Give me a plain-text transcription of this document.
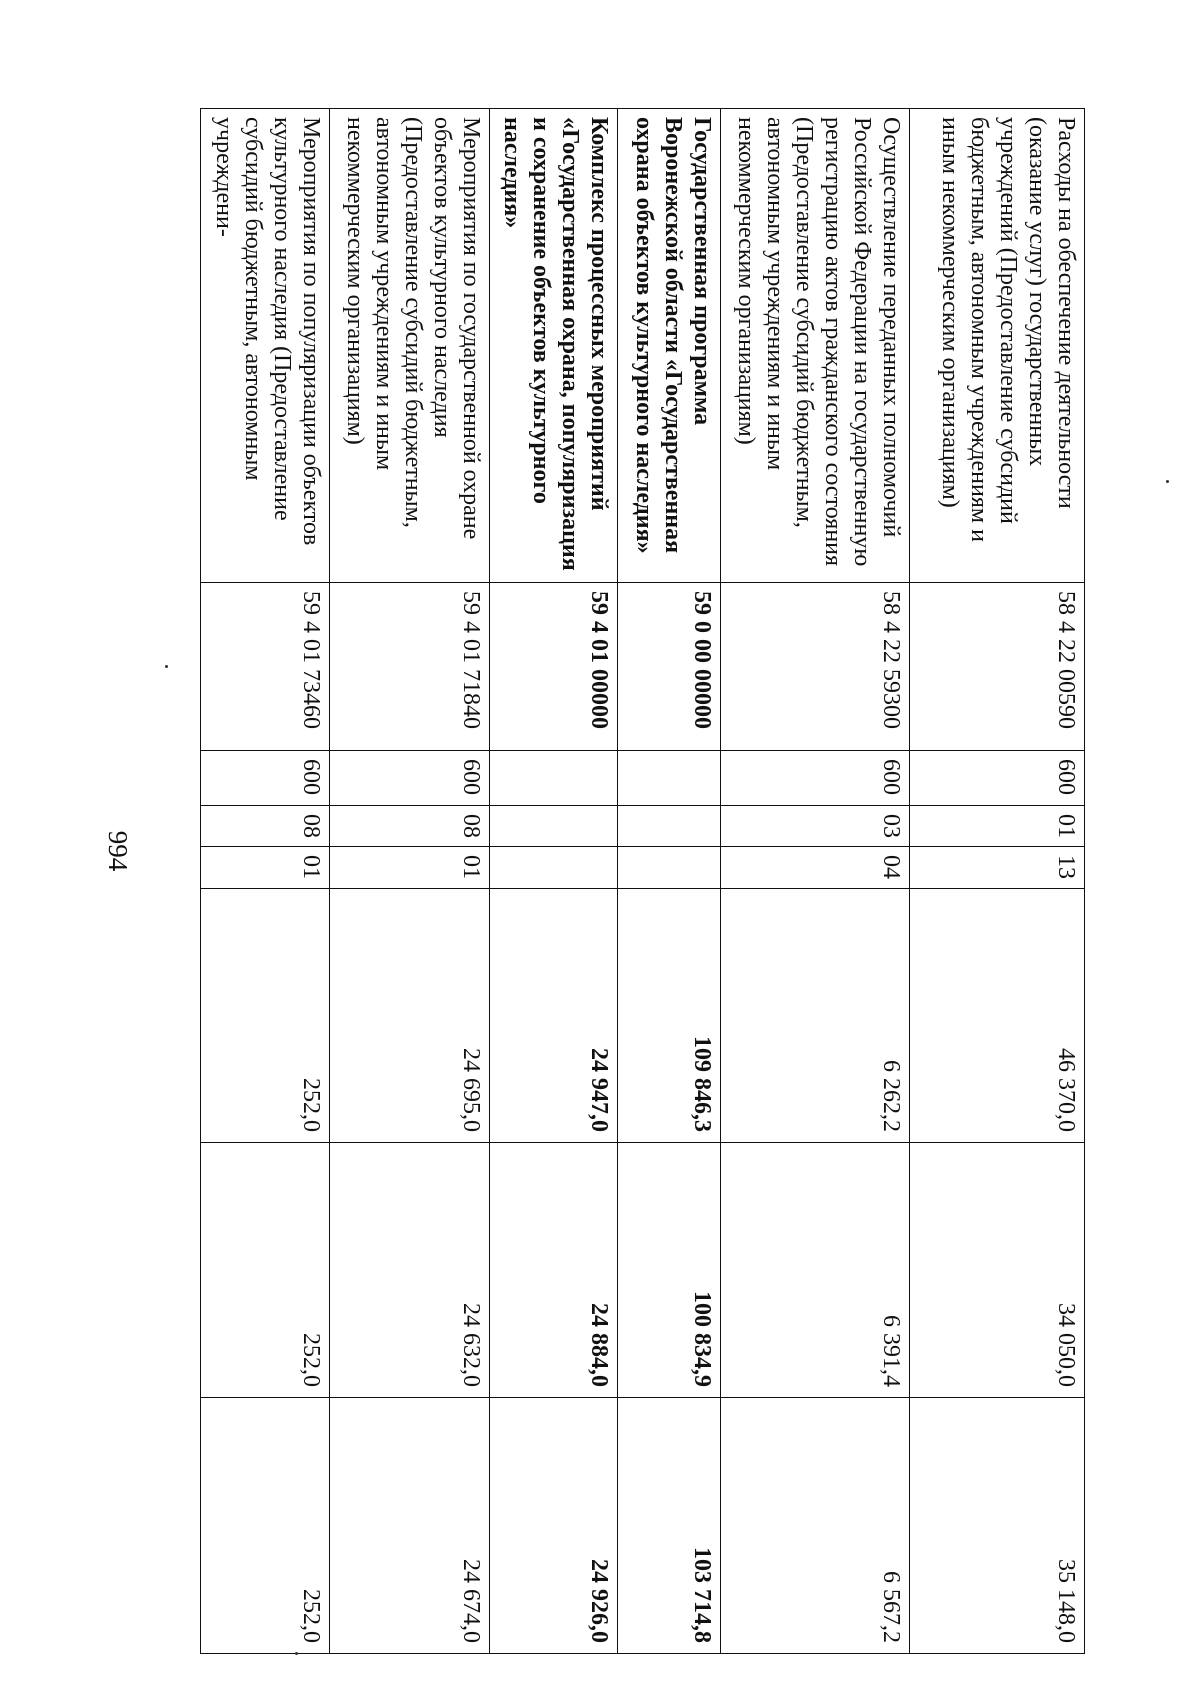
994
Расходы на обеспечение деятельности (оказание услуг) государственных учреждений (Предоставление субсидий бюджетным, автономным учреждениям и иным некоммерческим организациям)	58 4 22 00590	600	01	13	46 370,0	34 050,0	35 148,0
Осуществление переданных полномочий Российской Федерации на государственную регистрацию актов гражданского состояния (Предоставление субсидий бюджетным, автономным учреждениям и иным некоммерческим организациям)	58 4 22 59300	600	03	04	6 262,2	6 391,4	6 567,2
Государственная программа Воронежской области «Государственная охрана объектов культурного наследия»	59 0 00 00000				109 846,3	100 834,9	103 714,8
Комплекс процессных мероприятий «Государственная охрана, популяризация и сохранение объектов культурного наследия»	59 4 01 00000				24 947,0	24 884,0	24 926,0
Мероприятия по государственной охране объектов культурного наследия (Предоставление субсидий бюджетным, автономным учреждениям и иным некоммерческим организациям)	59 4 01 71840	600	08	01	24 695,0	24 632,0	24 674,0
Мероприятия по популяризации объектов культурного наследия (Предоставление субсидий бюджетным, автономным учреждени-	59 4 01 73460	600	08	01	252,0	252,0	252,0
